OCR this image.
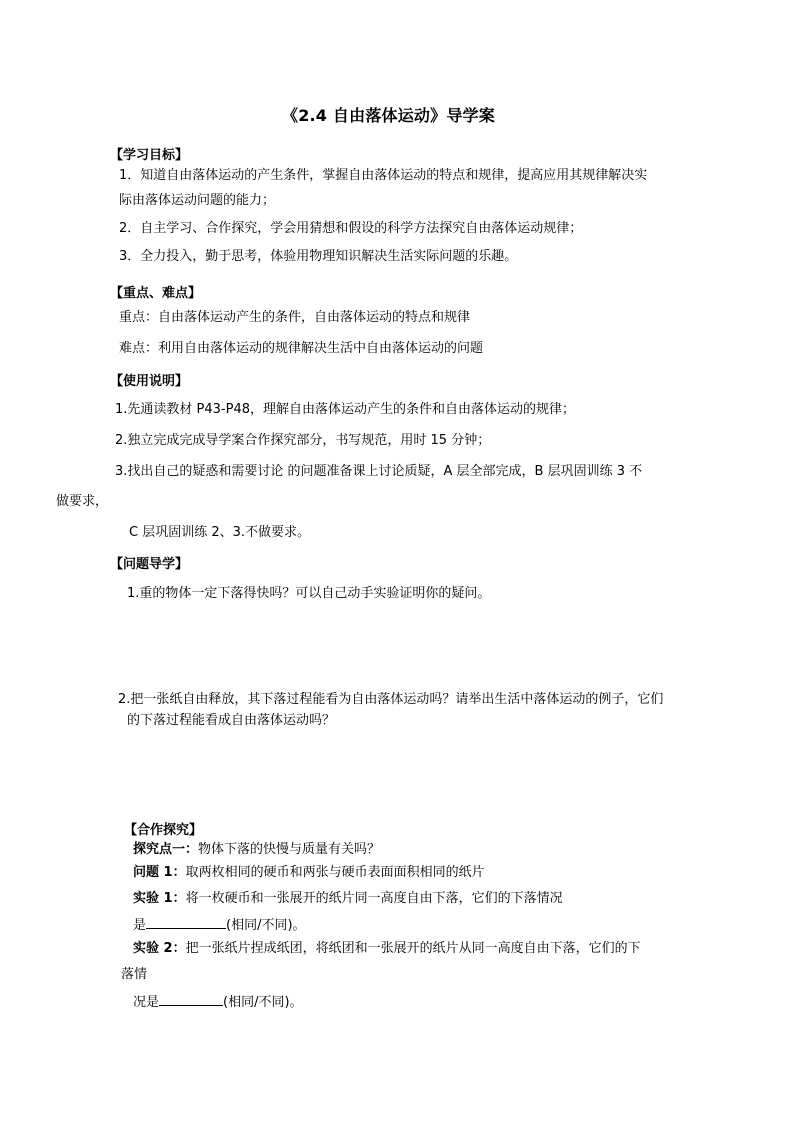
《2.4 自由落体运动》导学案
【学习目标】
1．知道自由落体运动的产生条件，掌握自由落体运动的特点和规律，提高应用其规律解决实
际由落体运动问题的能力；
2．自主学习、合作探究，学会用猜想和假设的科学方法探究自由落体运动规律；
3．全力投入，勤于思考，体验用物理知识解决生活实际问题的乐趣。
【重点、难点】
重点：自由落体运动产生的条件，自由落体运动的特点和规律
难点：利用自由落体运动的规律解决生活中自由落体运动的问题
【使用说明】
1.先通读教材 P43-P48，理解自由落体运动产生的条件和自由落体运动的规律；
2.独立完成完成导学案合作探究部分，书写规范，用时 15 分钟；
3.找出自己的疑惑和需要讨论 的问题准备课上讨论质疑，A 层全部完成，B 层巩固训练 3 不
做要求，
C 层巩固训练 2、3.不做要求。
【问题导学】
1.重的物体一定下落得快吗？可以自己动手实验证明你的疑问。
2.把一张纸自由释放，其下落过程能看为自由落体运动吗？请举出生活中落体运动的例子，它们
的下落过程能看成自由落体运动吗？
【合作探究】
探究点一：物体下落的快慢与质量有关吗？
问题 1：取两枚相同的硬币和两张与硬币表面面积相同的纸片
实验 1：将一枚硬币和一张展开的纸片同一高度自由下落，它们的下落情况
是	(相同/不同)。
实验 2：把一张纸片捏成纸团，将纸团和一张展开的纸片从同一高度自由下落，它们的下
落情
况是	(相同/不同)。
